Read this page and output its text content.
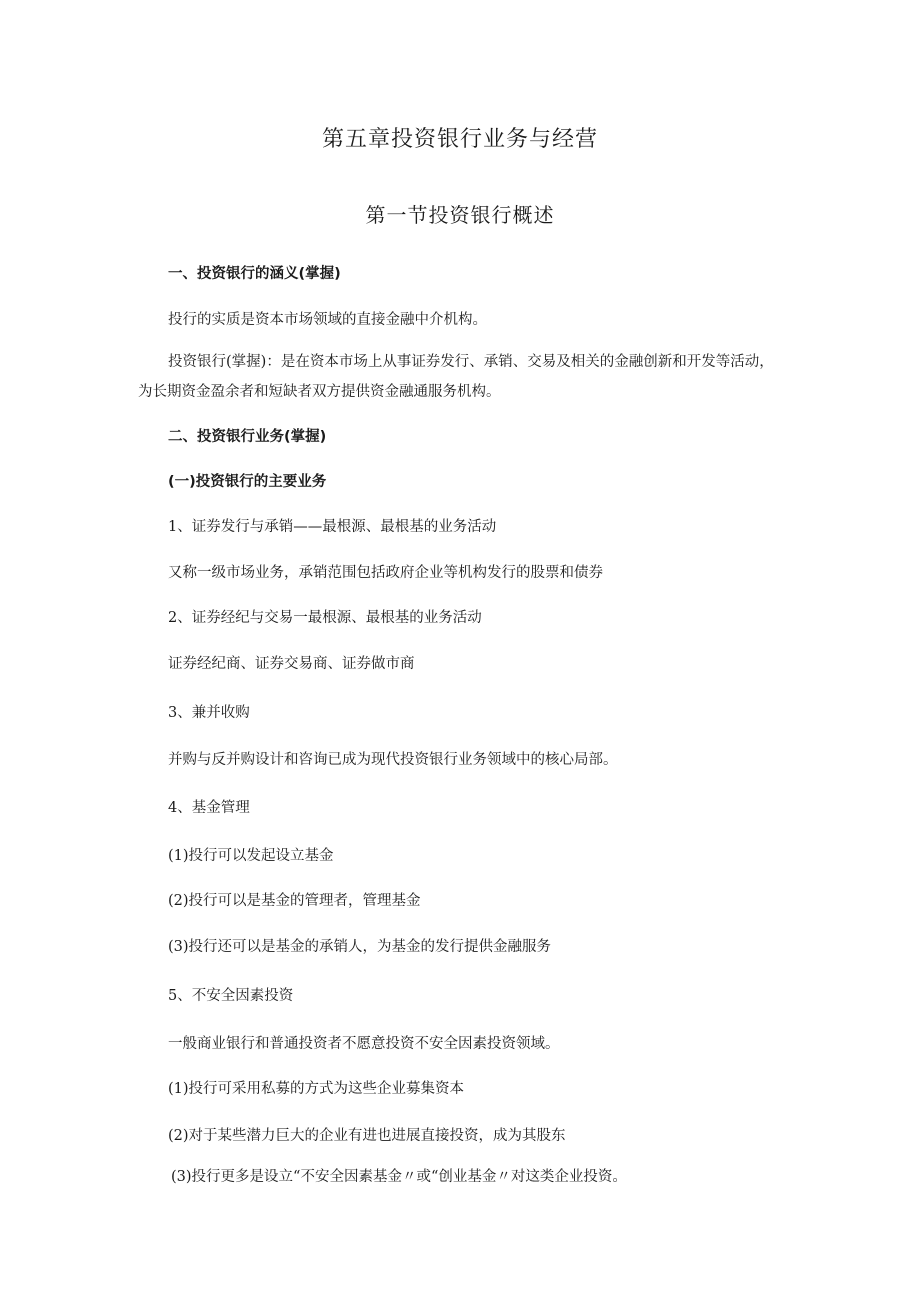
第五章投资银行业务与经营
第一节投资银行概述
一、投资银行的涵义(掌握)
投行的实质是资本市场领域的直接金融中介机构。
投资银行(掌握)：是在资本市场上从事证券发行、承销、交易及相关的金融创新和开发等活动，为长期资金盈余者和短缺者双方提供资金融通服务机构。
二、投资银行业务(掌握)
(一)投资银行的主要业务
1、证券发行与承销——最根源、最根基的业务活动
又称一级市场业务，承销范围包括政府企业等机构发行的股票和债券
2、证券经纪与交易一最根源、最根基的业务活动
证券经纪商、证券交易商、证券做市商
3、兼并收购
并购与反并购设计和咨询已成为现代投资银行业务领域中的核心局部。
4、基金管理
(1)投行可以发起设立基金
(2)投行可以是基金的管理者，管理基金
(3)投行还可以是基金的承销人，为基金的发行提供金融服务
5、不安全因素投资
一般商业银行和普通投资者不愿意投资不安全因素投资领域。
(1)投行可采用私募的方式为这些企业募集资本
(2)对于某些潜力巨大的企业有进也进展直接投资，成为其股东
(3)投行更多是设立“不安全因素基金〃或“创业基金〃对这类企业投资。
